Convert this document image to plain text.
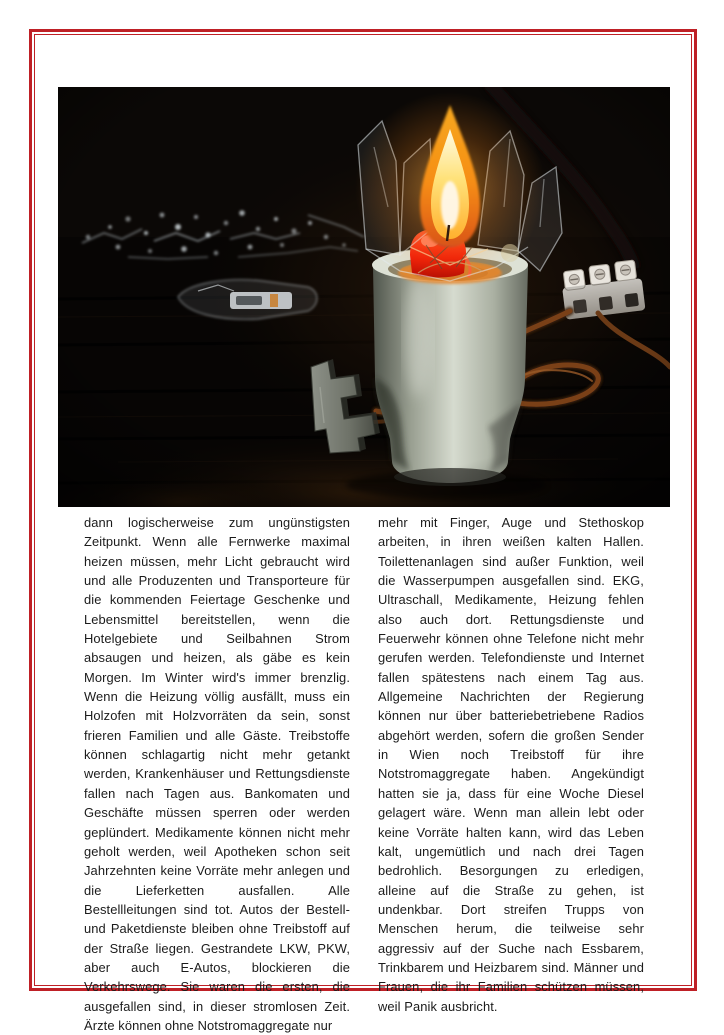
dann logischerweise zum ungünstigsten Zeitpunkt. Wenn alle Fernwerke maximal heizen müssen, mehr Licht gebraucht wird und alle Produzenten und Transporteure für die kommenden Feiertage Geschenke und Lebensmittel bereitstellen, wenn die Hotelgebiete und Seilbahnen Strom absaugen und heizen, als gäbe es kein Morgen. Im Winter wird's immer brenzlig. Wenn die Heizung völlig ausfällt, muss ein Holzofen mit Holzvorräten da sein, sonst frieren Familien und alle Gäste. Treibstoffe können schlagartig nicht mehr getankt werden, Krankenhäuser und Rettungsdienste fallen nach Tagen aus. Bankomaten und Geschäfte müssen sperren oder werden geplündert. Medikamente können nicht mehr geholt werden, weil Apotheken schon seit Jahrzehnten keine Vorräte mehr anlegen und die Lieferketten ausfallen. Alle Bestellleitungen sind tot. Autos der Bestell- und Paketdienste bleiben ohne Treibstoff auf der Straße liegen. Gestrandete LKW, PKW, aber auch E-Autos, blockieren die Verkehrswege. Sie waren die ersten, die ausgefallen sind, in dieser stromlosen Zeit. Ärzte können ohne Notstromaggregate nur
mehr mit Finger, Auge und Stethoskop arbeiten, in ihren weißen kalten Hallen. Toilettenanlagen sind außer Funktion, weil die Wasserpumpen ausgefallen sind. EKG, Ultraschall, Medikamente, Heizung fehlen also auch dort. Rettungsdienste und Feuerwehr können ohne Telefone nicht mehr gerufen werden. Telefondienste und Internet fallen spätestens nach einem Tag aus. Allgemeine Nachrichten der Regierung können nur über batteriebetriebene Radios abgehört werden, sofern die großen Sender in Wien noch Treibstoff für ihre Notstromaggregate haben. Angekündigt hatten sie ja, dass für eine Woche Diesel gelagert wäre. Wenn man allein lebt oder keine Vorräte halten kann, wird das Leben kalt, ungemütlich und nach drei Tagen bedrohlich. Besorgungen zu erledigen, alleine auf die Straße zu gehen, ist undenkbar. Dort streifen Trupps von Menschen herum, die teilweise sehr aggressiv auf der Suche nach Essbarem, Trinkbarem und Heizbarem sind. Männer und Frauen, die ihr Familien schützen müssen, weil Panik ausbricht.
